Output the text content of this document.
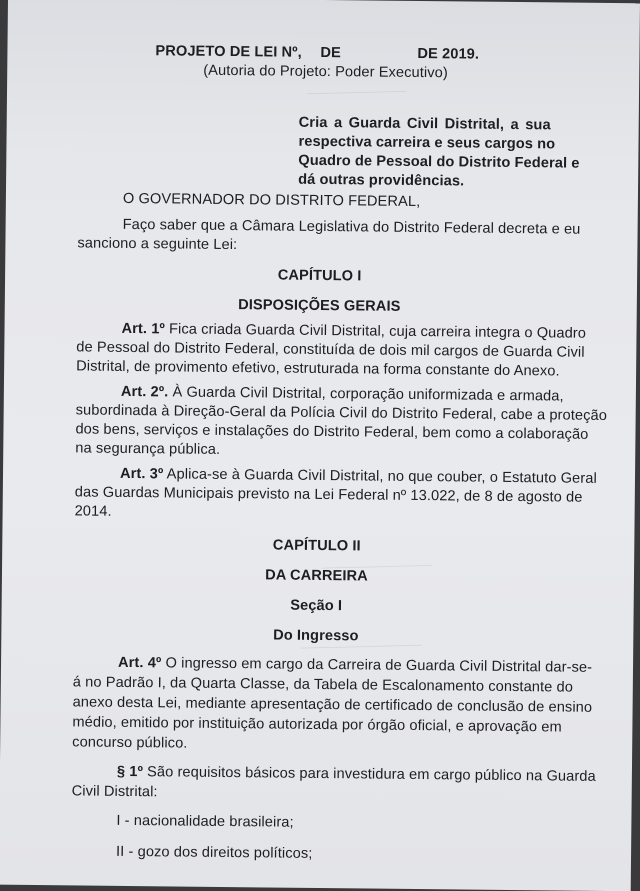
—————————
——————————
———————————

PROJETO DE LEI Nº, DE	DE 2019.

(Autoria do Projeto: Poder Executivo)

Cria a Guarda Civil Distrital, a sua

respectiva carreira e seus cargos no

Quadro de Pessoal do Distrito Federal e

dá outras providências.

O GOVERNADOR DO DISTRITO FEDERAL,

Faço saber que a Câmara Legislativa do Distrito Federal decreta e eu

sanciono a seguinte Lei:

CAPÍTULO I

DISPOSIÇÕES GERAIS

Art. 1º Fica criada Guarda Civil Distrital, cuja carreira integra o Quadro

de Pessoal do Distrito Federal, constituída de dois mil cargos de Guarda Civil

Distrital, de provimento efetivo, estruturada na forma constante do Anexo.

Art. 2º. À Guarda Civil Distrital, corporação uniformizada e armada,

subordinada à Direção-Geral da Polícia Civil do Distrito Federal, cabe a proteção

dos bens, serviços e instalações do Distrito Federal, bem como a colaboração

na segurança pública.

Art. 3º Aplica-se à Guarda Civil Distrital, no que couber, o Estatuto Geral

das Guardas Municipais previsto na Lei Federal nº 13.022, de 8 de agosto de

2014.

CAPÍTULO II

DA CARREIRA

Seção I

Do Ingresso

Art. 4º O ingresso em cargo da Carreira de Guarda Civil Distrital dar-se-

á no Padrão I, da Quarta Classe, da Tabela de Escalonamento constante do

anexo desta Lei, mediante apresentação de certificado de conclusão de ensino

médio, emitido por instituição autorizada por órgão oficial, e aprovação em

concurso público.

§ 1º São requisitos básicos para investidura em cargo público na Guarda

Civil Distrital:

I - nacionalidade brasileira;

II - gozo dos direitos políticos;
